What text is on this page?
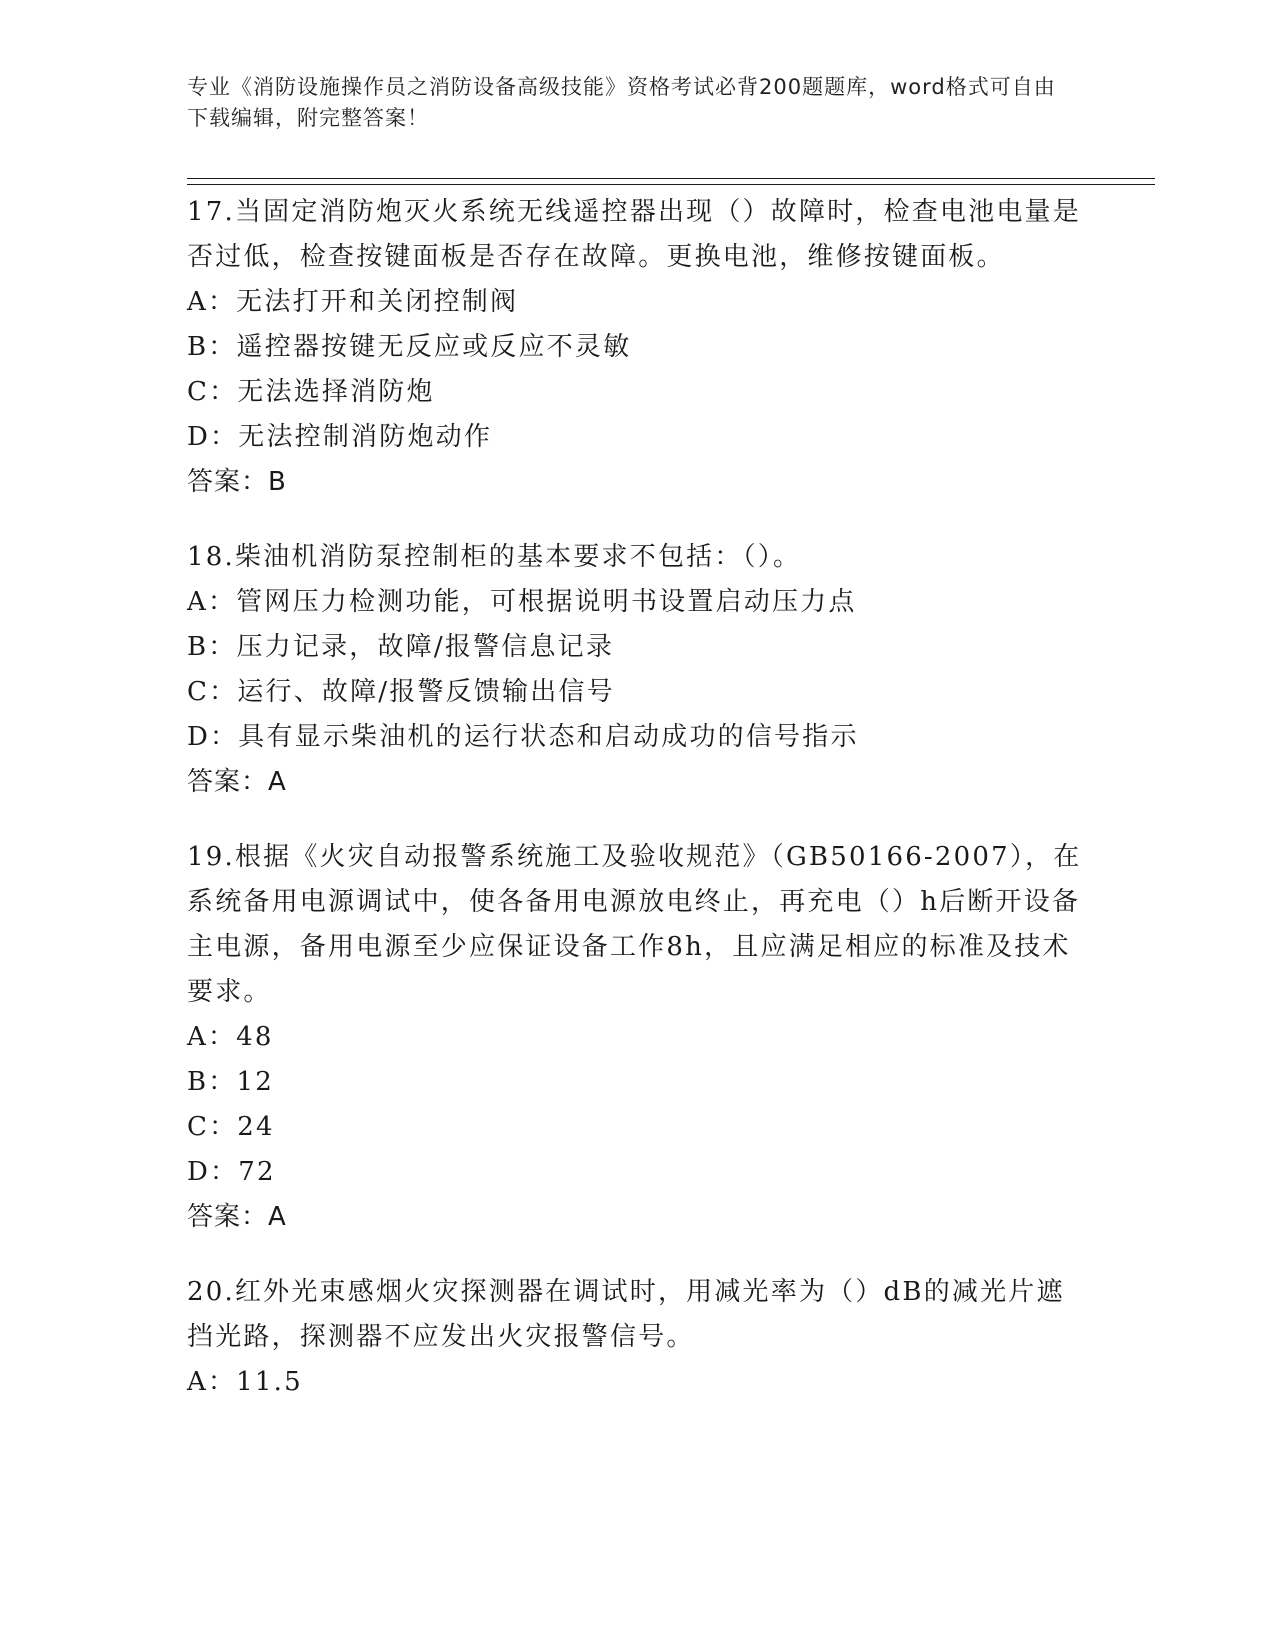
专业《消防设施操作员之消防设备高级技能》资格考试必背200题题库，word格式可自由下载编辑，附完整答案！

17.当固定消防炮灭火系统无线遥控器出现（）故障时，检查电池电量是否过低，检查按键面板是否存在故障。更换电池，维修按键面板。

A：无法打开和关闭控制阀

B：遥控器按键无反应或反应不灵敏

C：无法选择消防炮

D：无法控制消防炮动作

答案：B

18.柴油机消防泵控制柜的基本要求不包括：（）。

A：管网压力检测功能，可根据说明书设置启动压力点

B：压力记录，故障/报警信息记录

C：运行、故障/报警反馈输出信号

D：具有显示柴油机的运行状态和启动成功的信号指示

答案：A

19.根据《火灾自动报警系统施工及验收规范》（GB50166-2007），在系统备用电源调试中，使各备用电源放电终止，再充电（）h后断开设备主电源，备用电源至少应保证设备工作8h，且应满足相应的标准及技术要求。

A：48

B：12

C：24

D：72

答案：A

20.红外光束感烟火灾探测器在调试时，用减光率为（）dB的减光片遮挡光路，探测器不应发出火灾报警信号。

A：11.5
